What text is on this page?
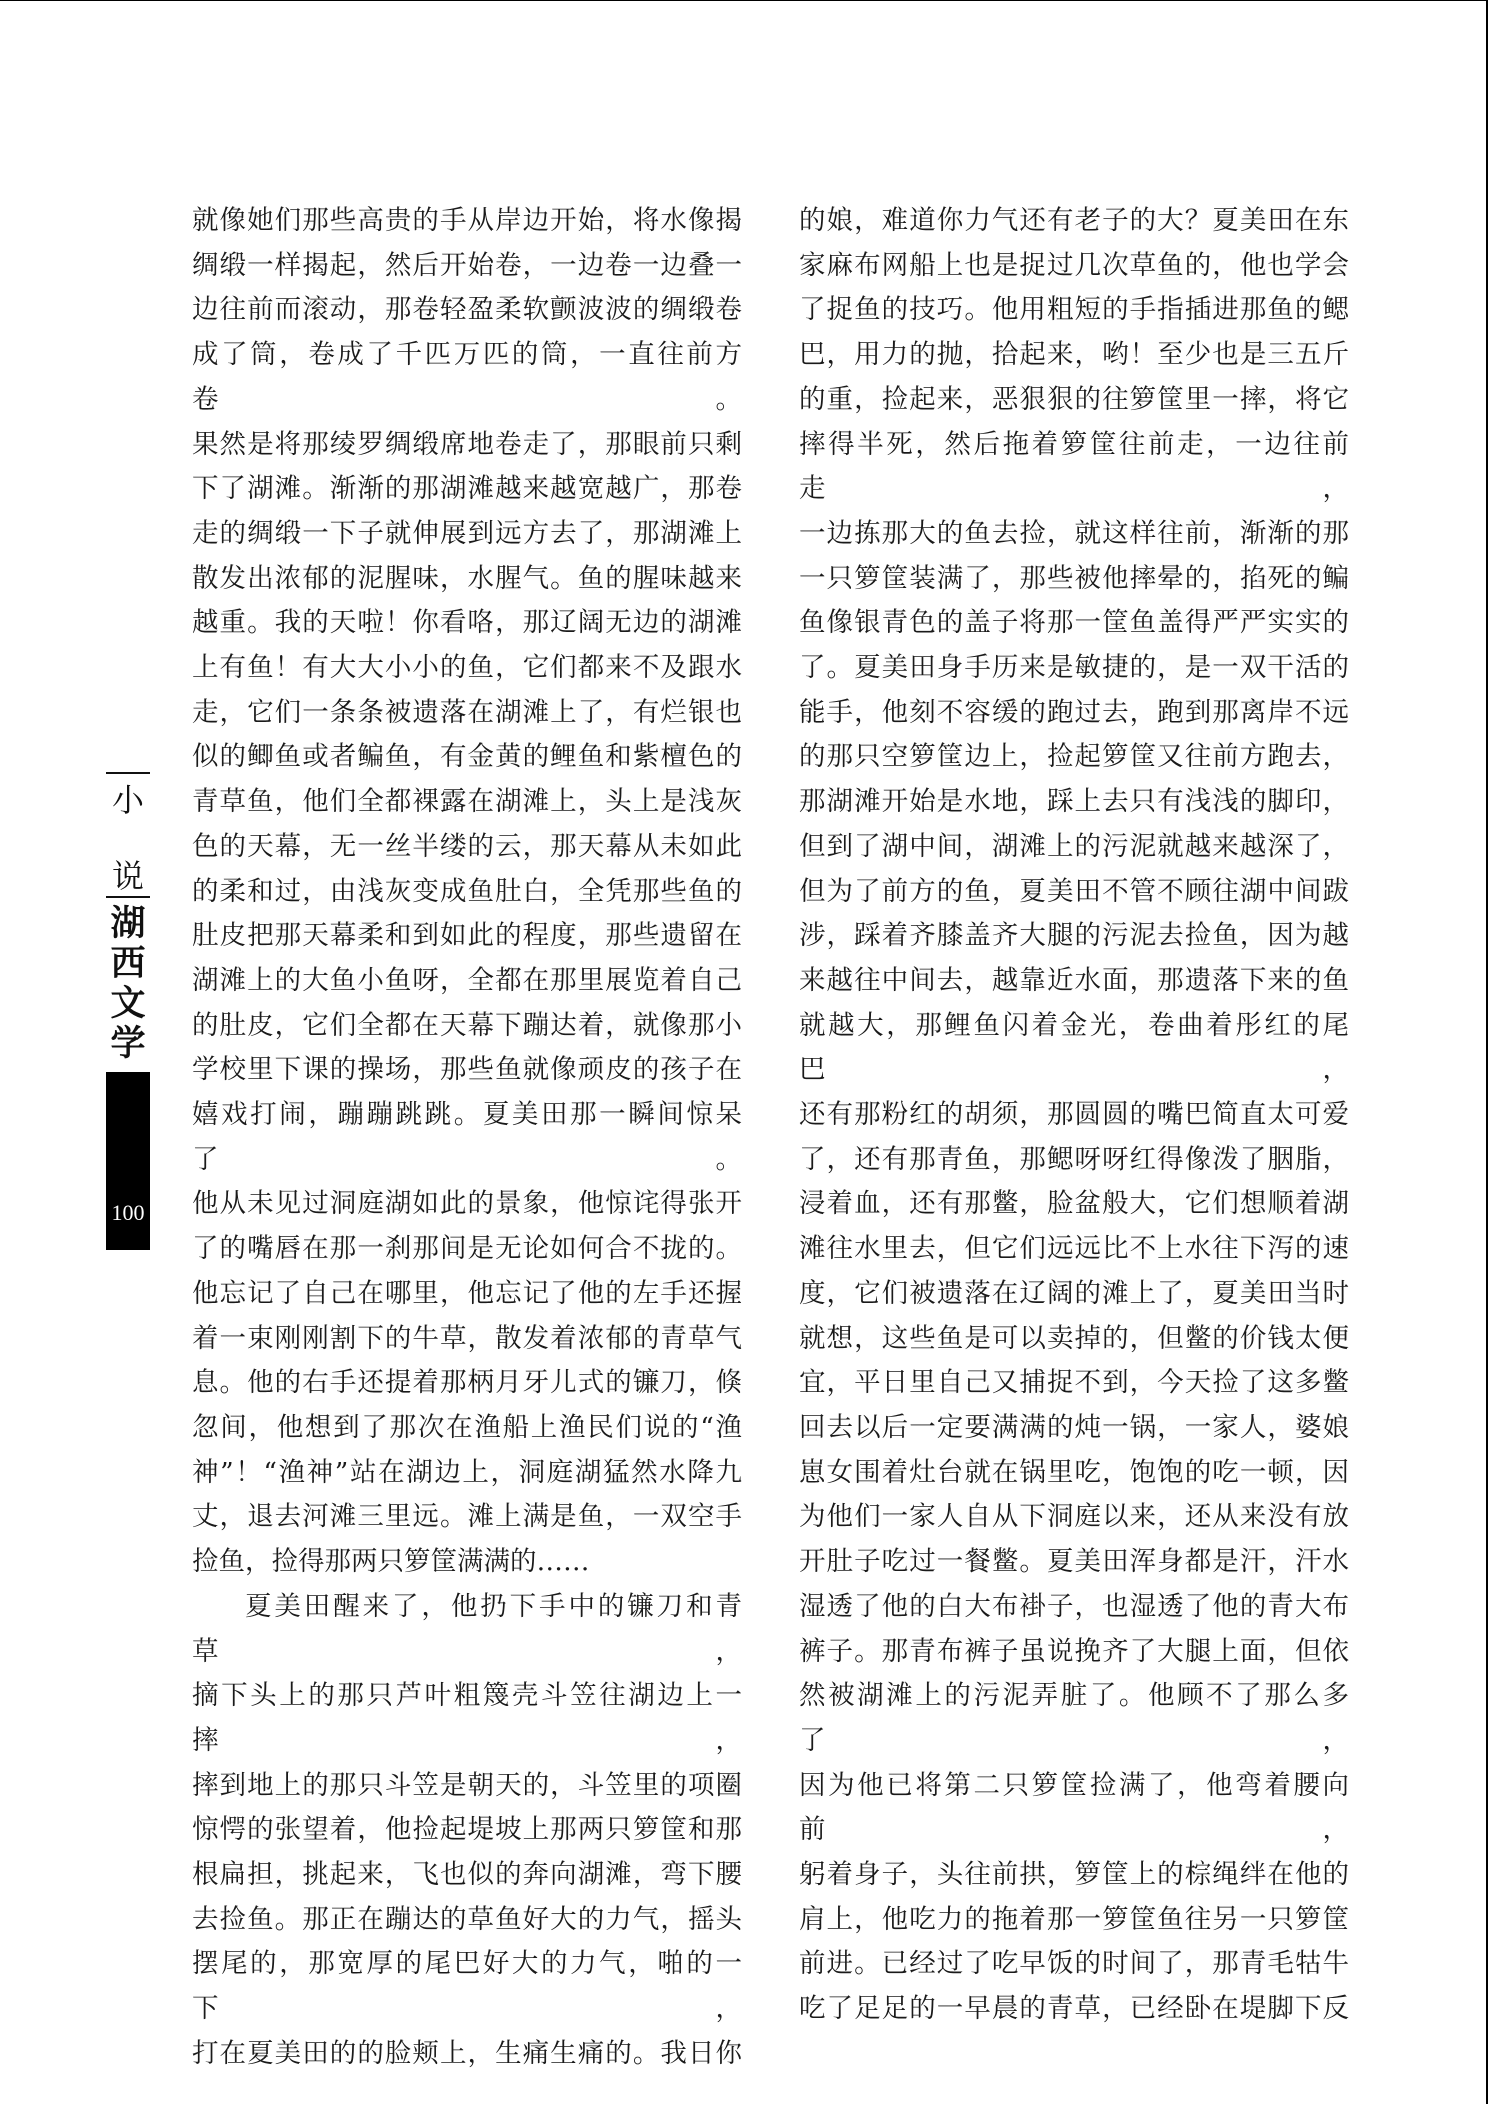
小
说
湖
西
文
学
100

就像她们那些高贵的手从岸边开始，将水像揭

绸缎一样揭起，然后开始卷，一边卷一边叠一

边往前而滚动，那卷轻盈柔软颤波波的绸缎卷

成了筒，卷成了千匹万匹的筒，一直往前方卷。

果然是将那绫罗绸缎席地卷走了，那眼前只剩

下了湖滩。渐渐的那湖滩越来越宽越广，那卷

走的绸缎一下子就伸展到远方去了，那湖滩上

散发出浓郁的泥腥味，水腥气。鱼的腥味越来

越重。我的天啦！你看咯，那辽阔无边的湖滩

上有鱼！有大大小小的鱼，它们都来不及跟水

走，它们一条条被遗落在湖滩上了，有烂银也

似的鲫鱼或者鳊鱼，有金黄的鲤鱼和紫檀色的

青草鱼，他们全都裸露在湖滩上，头上是浅灰

色的天幕，无一丝半缕的云，那天幕从未如此

的柔和过，由浅灰变成鱼肚白，全凭那些鱼的

肚皮把那天幕柔和到如此的程度，那些遗留在

湖滩上的大鱼小鱼呀，全都在那里展览着自己

的肚皮，它们全都在天幕下蹦达着，就像那小

学校里下课的操场，那些鱼就像顽皮的孩子在

嬉戏打闹，蹦蹦跳跳。夏美田那一瞬间惊呆了。

他从未见过洞庭湖如此的景象，他惊诧得张开

了的嘴唇在那一刹那间是无论如何合不拢的。

他忘记了自己在哪里，他忘记了他的左手还握

着一束刚刚割下的牛草，散发着浓郁的青草气

息。他的右手还提着那柄月牙儿式的镰刀，倏

忽间，他想到了那次在渔船上渔民们说的“渔

神”！“渔神”站在湖边上，洞庭湖猛然水降九

丈，退去河滩三里远。滩上满是鱼，一双空手

捡鱼，捡得那两只箩筐满满的……

夏美田醒来了，他扔下手中的镰刀和青草，

摘下头上的那只芦叶粗篾壳斗笠往湖边上一摔，

摔到地上的那只斗笠是朝天的，斗笠里的项圈

惊愕的张望着，他捡起堤坡上那两只箩筐和那

根扁担，挑起来，飞也似的奔向湖滩，弯下腰

去捡鱼。那正在蹦达的草鱼好大的力气，摇头

摆尾的，那宽厚的尾巴好大的力气，啪的一下，

打在夏美田的的脸颊上，生痛生痛的。我日你

的娘，难道你力气还有老子的大？夏美田在东

家麻布网船上也是捉过几次草鱼的，他也学会

了捉鱼的技巧。他用粗短的手指插进那鱼的鳃

巴，用力的抛，拾起来，哟！至少也是三五斤

的重，捡起来，恶狠狠的往箩筐里一摔，将它

摔得半死，然后拖着箩筐往前走，一边往前走，

一边拣那大的鱼去捡，就这样往前，渐渐的那

一只箩筐装满了，那些被他摔晕的，掐死的鳊

鱼像银青色的盖子将那一筐鱼盖得严严实实的

了。夏美田身手历来是敏捷的，是一双干活的

能手，他刻不容缓的跑过去，跑到那离岸不远

的那只空箩筐边上，捡起箩筐又往前方跑去，

那湖滩开始是水地，踩上去只有浅浅的脚印，

但到了湖中间，湖滩上的污泥就越来越深了，

但为了前方的鱼，夏美田不管不顾往湖中间跋

涉，踩着齐膝盖齐大腿的污泥去捡鱼，因为越

来越往中间去，越靠近水面，那遗落下来的鱼

就越大，那鲤鱼闪着金光，卷曲着彤红的尾巴，

还有那粉红的胡须，那圆圆的嘴巴简直太可爱

了，还有那青鱼，那鳃呀呀红得像泼了胭脂，

浸着血，还有那鳖，脸盆般大，它们想顺着湖

滩往水里去，但它们远远比不上水往下泻的速

度，它们被遗落在辽阔的滩上了，夏美田当时

就想，这些鱼是可以卖掉的，但鳖的价钱太便

宜，平日里自己又捕捉不到，今天捡了这多鳖

回去以后一定要满满的炖一锅，一家人，婆娘

崽女围着灶台就在锅里吃，饱饱的吃一顿，因

为他们一家人自从下洞庭以来，还从来没有放

开肚子吃过一餐鳖。夏美田浑身都是汗，汗水

湿透了他的白大布褂子，也湿透了他的青大布

裤子。那青布裤子虽说挽齐了大腿上面，但依

然被湖滩上的污泥弄脏了。他顾不了那么多了，

因为他已将第二只箩筐捡满了，他弯着腰向前，

躬着身子，头往前拱，箩筐上的棕绳绊在他的

肩上，他吃力的拖着那一箩筐鱼往另一只箩筐

前进。已经过了吃早饭的时间了，那青毛牯牛

吃了足足的一早晨的青草，已经卧在堤脚下反
